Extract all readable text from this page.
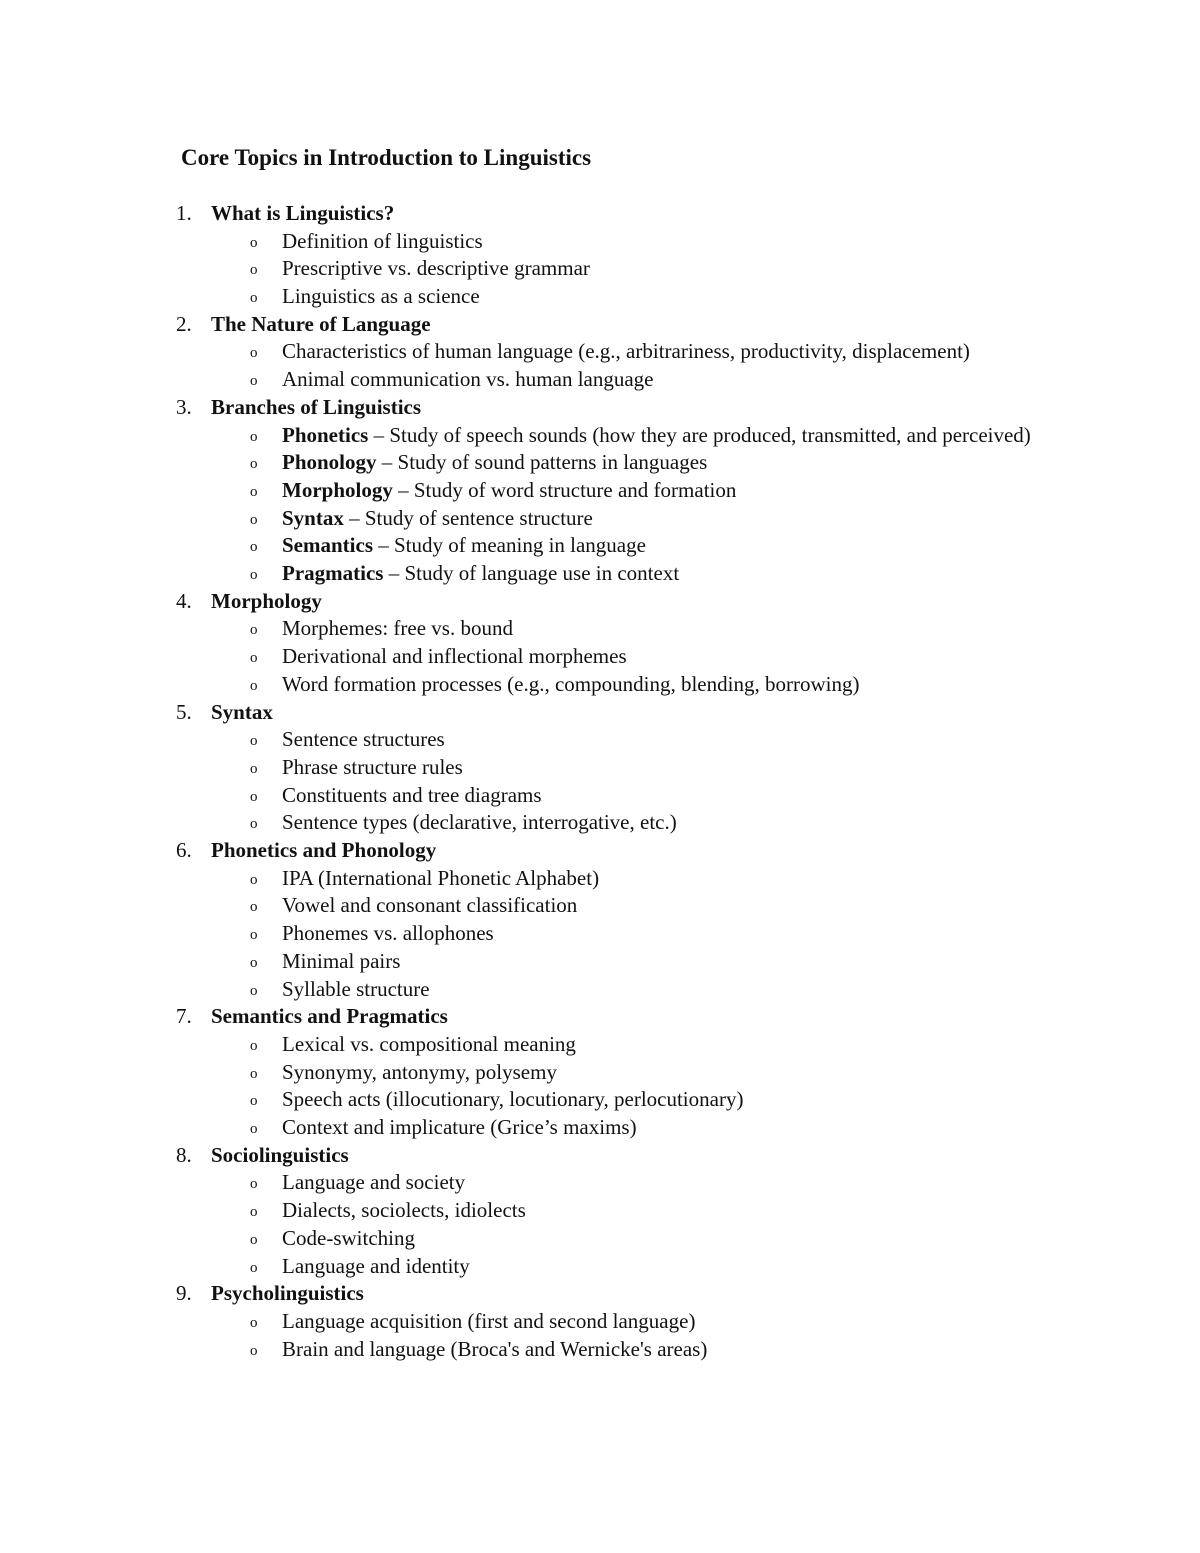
Core Topics in Introduction to Linguistics
1. What is Linguistics?
o Definition of linguistics
o Prescriptive vs. descriptive grammar
o Linguistics as a science
2. The Nature of Language
o Characteristics of human language (e.g., arbitrariness, productivity, displacement)
o Animal communication vs. human language
3. Branches of Linguistics
o Phonetics – Study of speech sounds (how they are produced, transmitted, and perceived)
o Phonology – Study of sound patterns in languages
o Morphology – Study of word structure and formation
o Syntax – Study of sentence structure
o Semantics – Study of meaning in language
o Pragmatics – Study of language use in context
4. Morphology
o Morphemes: free vs. bound
o Derivational and inflectional morphemes
o Word formation processes (e.g., compounding, blending, borrowing)
5. Syntax
o Sentence structures
o Phrase structure rules
o Constituents and tree diagrams
o Sentence types (declarative, interrogative, etc.)
6. Phonetics and Phonology
o IPA (International Phonetic Alphabet)
o Vowel and consonant classification
o Phonemes vs. allophones
o Minimal pairs
o Syllable structure
7. Semantics and Pragmatics
o Lexical vs. compositional meaning
o Synonymy, antonymy, polysemy
o Speech acts (illocutionary, locutionary, perlocutionary)
o Context and implicature (Grice’s maxims)
8. Sociolinguistics
o Language and society
o Dialects, sociolects, idiolects
o Code-switching
o Language and identity
9. Psycholinguistics
o Language acquisition (first and second language)
o Brain and language (Broca's and Wernicke's areas)
